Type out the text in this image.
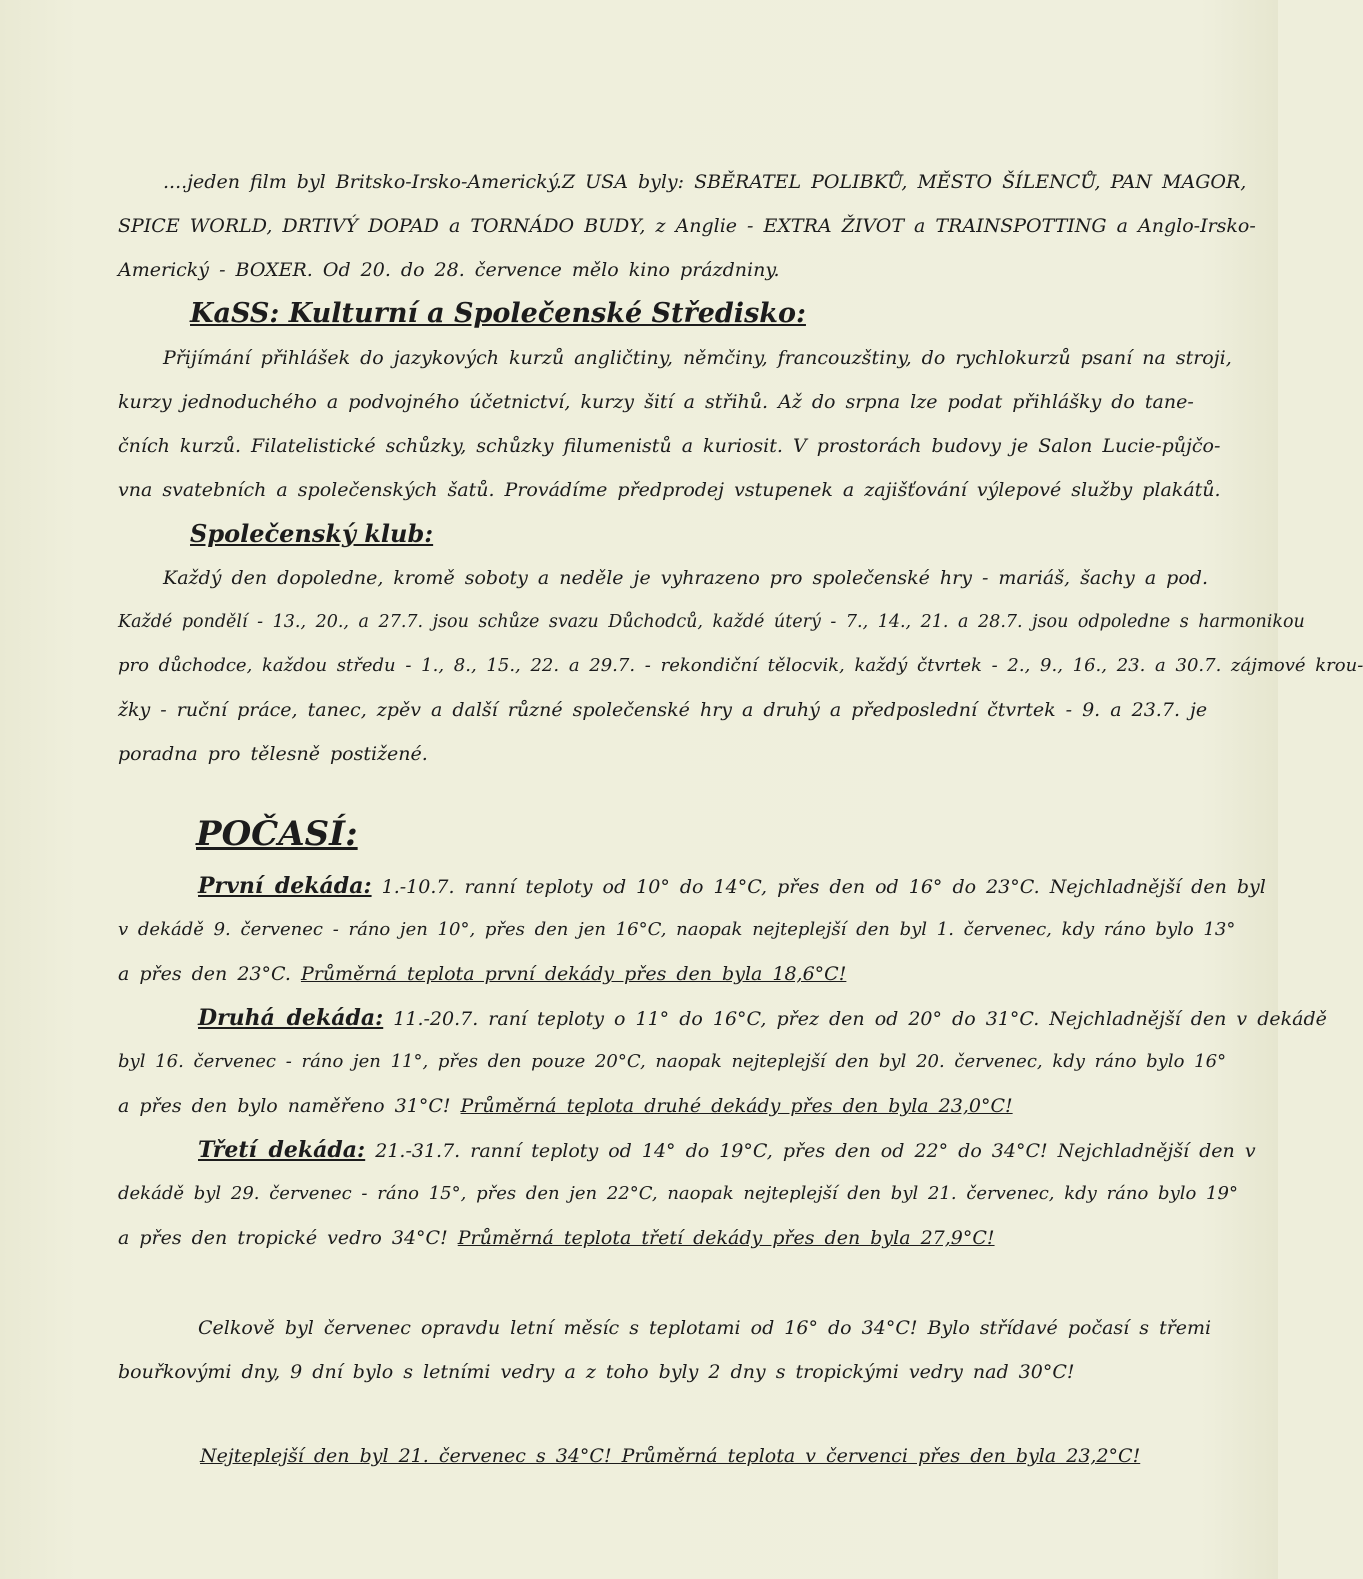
....jeden film byl Britsko-Irsko-Americký.Z USA byly: SBĚRATEL POLIBKŮ, MĚSTO ŠÍLENCŮ, PAN MAGOR,
SPICE WORLD, DRTIVÝ DOPAD a TORNÁDO BUDY, z Anglie - EXTRA ŽIVOT a TRAINSPOTTING a Anglo-Irsko-
Americký - BOXER. Od 20. do 28. července mělo kino prázdniny.
KaSS: Kulturní a Společenské Středisko:
Přijímání přihlášek do jazykových kurzů angličtiny, němčiny, francouzštiny, do rychlokurzů psaní na stroji,
kurzy jednoduchého a podvojného účetnictví, kurzy šití a střihů. Až do srpna lze podat přihlášky do tane-
čních kurzů. Filatelistické schůzky, schůzky filumenistů a kuriosit. V prostorách budovy je Salon Lucie-půjčo-
vna svatebních a společenských šatů. Provádíme předprodej vstupenek a zajišťování výlepové služby plakátů.
Společenský klub:
Každý den dopoledne, kromě soboty a neděle je vyhrazeno pro společenské hry - mariáš, šachy a pod.
Každé pondělí - 13., 20., a 27.7. jsou schůze svazu Důchodců, každé úterý - 7., 14., 21. a 28.7. jsou odpoledne s harmonikou
pro důchodce, každou středu - 1., 8., 15., 22. a 29.7. - rekondiční tělocvik, každý čtvrtek - 2., 9., 16., 23. a 30.7. zájmové krou-
žky - ruční práce, tanec, zpěv a další různé společenské hry a druhý a předposlední čtvrtek - 9. a 23.7. je
poradna pro tělesně postižené.
POČASÍ:
První dekáda: 1.-10.7. ranní teploty od 10° do 14°C, přes den od 16° do 23°C. Nejchladnější den byl
v dekádě 9. červenec - ráno jen 10°, přes den jen 16°C, naopak nejteplejší den byl 1. červenec, kdy ráno bylo 13°
a přes den 23°C. Průměrná teplota první dekády přes den byla 18,6°C!
Druhá dekáda: 11.-20.7. raní teploty o 11° do 16°C, přez den od 20° do 31°C. Nejchladnější den v dekádě
byl 16. červenec - ráno jen 11°, přes den pouze 20°C, naopak nejteplejší den byl 20. červenec, kdy ráno bylo 16°
a přes den bylo naměřeno 31°C! Průměrná teplota druhé dekády přes den byla 23,0°C!
Třetí dekáda: 21.-31.7. ranní teploty od 14° do 19°C, přes den od 22° do 34°C! Nejchladnější den v
dekádě byl 29. červenec - ráno 15°, přes den jen 22°C, naopak nejteplejší den byl 21. červenec, kdy ráno bylo 19°
a přes den tropické vedro 34°C! Průměrná teplota třetí dekády přes den byla 27,9°C!
Celkově byl červenec opravdu letní měsíc s teplotami od 16° do 34°C! Bylo střídavé počasí s třemi
bouřkovými dny, 9 dní bylo s letními vedry a z toho byly 2 dny s tropickými vedry nad 30°C!
Nejteplejší den byl 21. červenec s 34°C! Průměrná teplota v červenci přes den byla 23,2°C!
